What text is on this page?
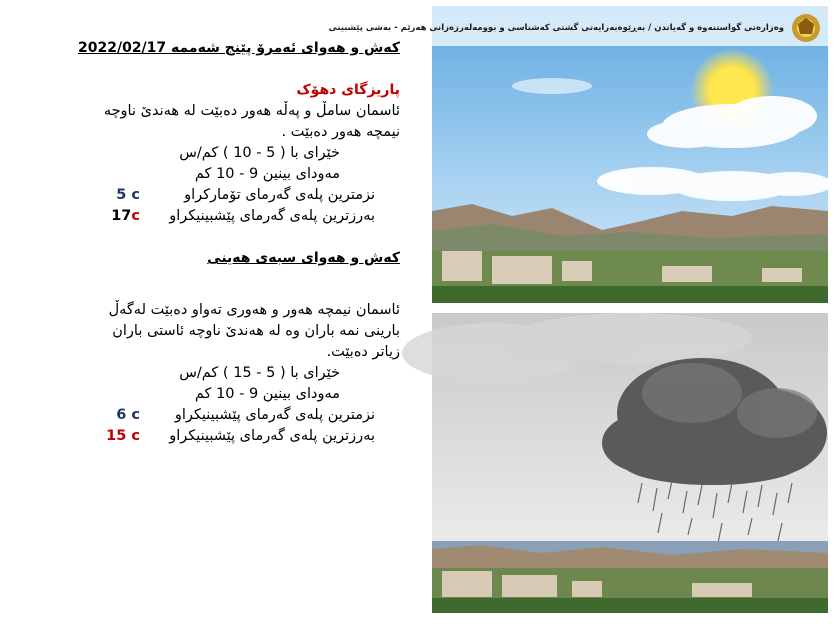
کەش و هەوای ئەمرۆ پێنج شەممە 2022/02/17
پاریزگای دهۆک
ئاسمان سامڵ و پەڵە هەور دەبێت لە هەندێ ناوچە
نیمچە هەور دەبێت .
خێرای با ( 5 - 10 ) کم/س
مەودای بینین 9 - 10 کم
نزمترین پلەی گەرمای تۆمارکراو
5 c
بەرزترین پلەی گەرمای پێشبینیکراو
17c
کەش و هەوای سبەی هەینی
ئاسمان نیمچە هەور و هەوری تەواو دەبێت لەگەڵ
بارینی نمە باران وە لە هەندێ ناوچە ئاستی باران
زیاتر دەبێت.
خێرای با ( 5 - 15 ) کم/س
مەودای بینین 9 - 10 کم
نزمترین پلەی گەرمای پێشبینیکراو
6 c
بەرزترین پلەی گەرمای پێشبینیکراو
15 c
وەزارەتی گواستنەوە و گەیاندن / بەڕێوەبەرایەتی گشتی کەشناسی و بوومەلەرزەزانی هەرێم - بەشی پێشبینی
